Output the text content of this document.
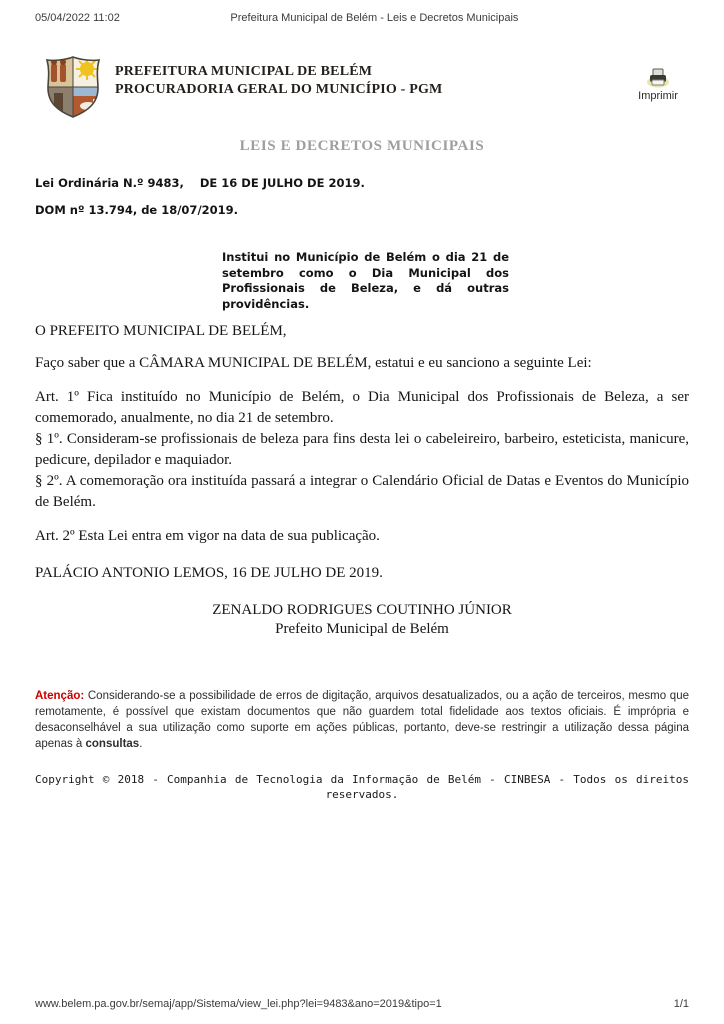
05/04/2022 11:02	Prefeitura Municipal de Belém - Leis e Decretos Municipais
PREFEITURA MUNICIPAL DE BELÉM
PROCURADORIA GERAL DO MUNICÍPIO - PGM	Imprimir
LEIS E DECRETOS MUNICIPAIS
Lei Ordinária N.º 9483,    DE 16 DE JULHO DE 2019.
DOM nº 13.794, de 18/07/2019.
Institui no Município de Belém o dia 21 de setembro como o Dia Municipal dos Profissionais de Beleza, e dá outras providências.

O PREFEITO MUNICIPAL DE BELÉM,

Faço saber que a CÂMARA MUNICIPAL DE BELÉM, estatui e eu sanciono a seguinte Lei:

Art. 1º Fica instituído no Município de Belém, o Dia Municipal dos Profissionais de Beleza, a ser comemorado, anualmente, no dia 21 de setembro.

§ 1º. Consideram-se profissionais de beleza para fins desta lei o cabeleireiro, barbeiro, esteticista, manicure, pedicure, depilador e maquiador.

§ 2º. A comemoração ora instituída passará a integrar o Calendário Oficial de Datas e Eventos do Município de Belém.

Art. 2º Esta Lei entra em vigor na data de sua publicação.

PALÁCIO ANTONIO LEMOS, 16 DE JULHO DE 2019.

ZENALDO RODRIGUES COUTINHO JÚNIOR
Prefeito Municipal de Belém
Atenção: Considerando-se a possibilidade de erros de digitação, arquivos desatualizados, ou a ação de terceiros, mesmo que remotamente, é possível que existam documentos que não guardem total fidelidade aos textos oficiais. É imprópria e desaconselhável a sua utilização como suporte em ações públicas, portanto, deve-se restringir a utilização dessa página apenas à consultas.
Copyright © 2018 - Companhia de Tecnologia da Informação de Belém - CINBESA - Todos os direitos reservados.
www.belem.pa.gov.br/semaj/app/Sistema/view_lei.php?lei=9483&ano=2019&tipo=1	1/1
